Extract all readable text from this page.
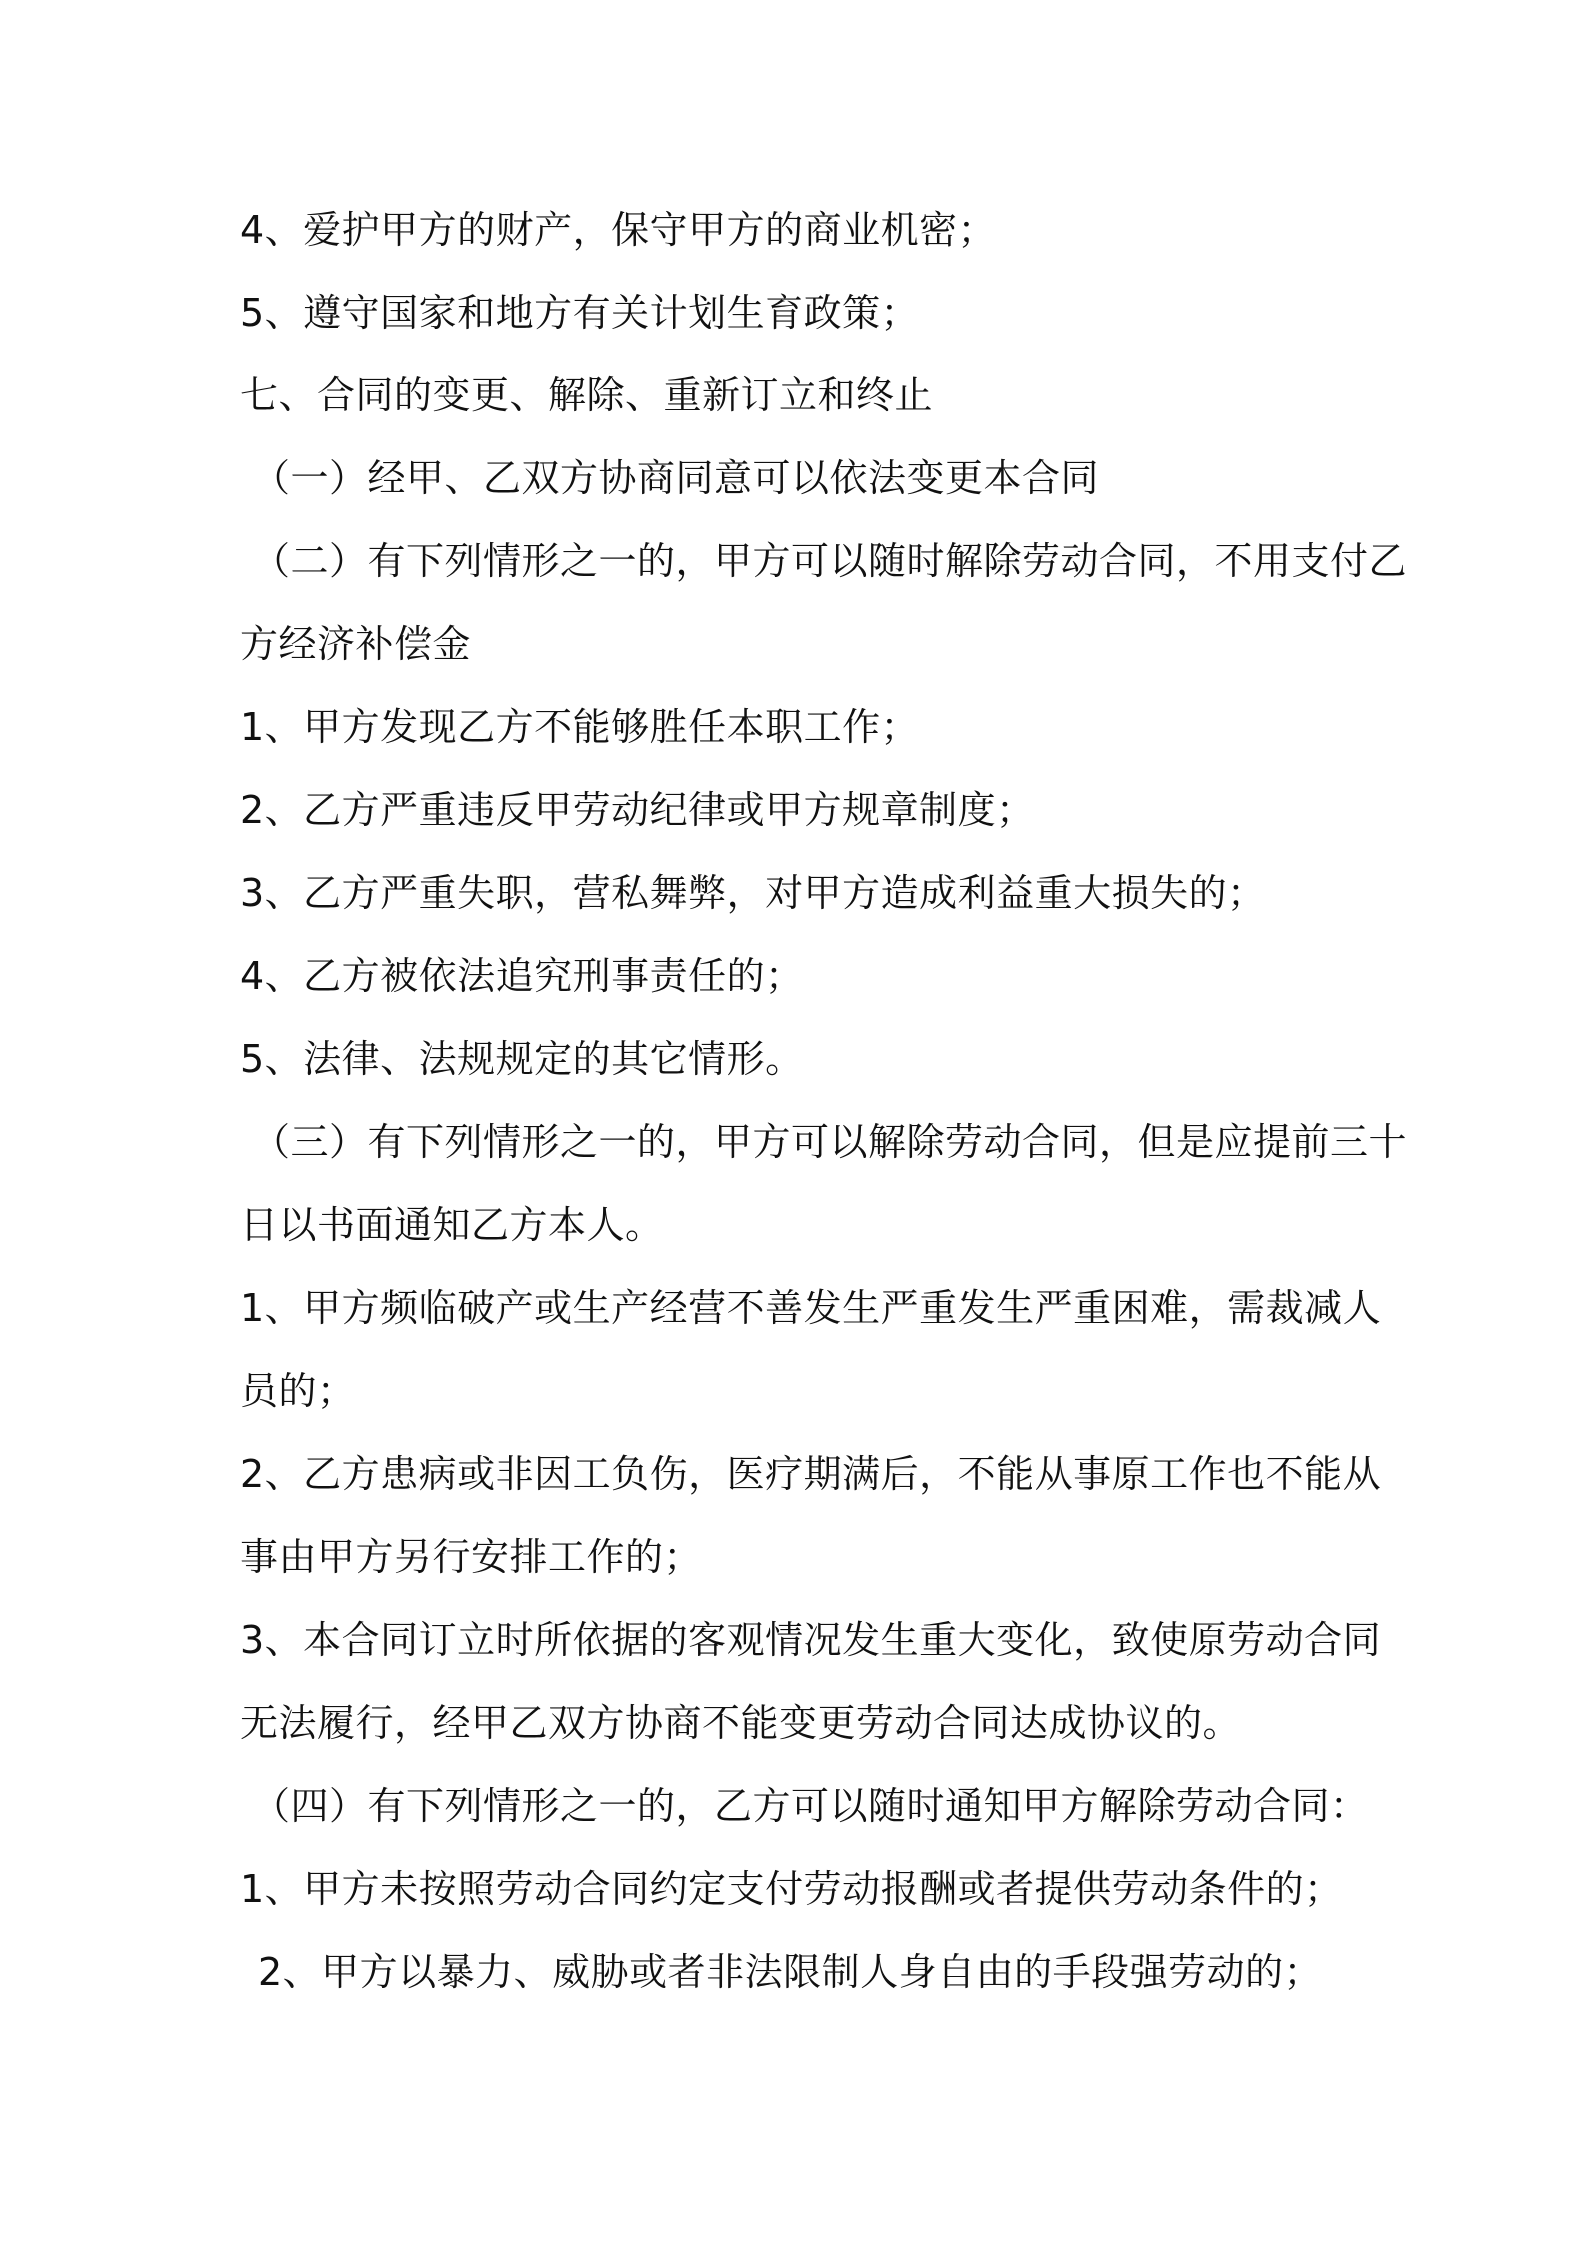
4、爱护甲方的财产，保守甲方的商业机密；
5、遵守国家和地方有关计划生育政策；
七、合同的变更、解除、重新订立和终止
（一）经甲、乙双方协商同意可以依法变更本合同
（二）有下列情形之一的，甲方可以随时解除劳动合同，不用支付乙
方经济补偿金
1、甲方发现乙方不能够胜任本职工作；
2、乙方严重违反甲劳动纪律或甲方规章制度；
3、乙方严重失职，营私舞弊，对甲方造成利益重大损失的；
4、乙方被依法追究刑事责任的；
5、法律、法规规定的其它情形。
（三）有下列情形之一的，甲方可以解除劳动合同，但是应提前三十
日以书面通知乙方本人。
1、甲方频临破产或生产经营不善发生严重发生严重困难，需裁减人
员的；
2、乙方患病或非因工负伤，医疗期满后，不能从事原工作也不能从
事由甲方另行安排工作的；
3、本合同订立时所依据的客观情况发生重大变化，致使原劳动合同
无法履行，经甲乙双方协商不能变更劳动合同达成协议的。
（四）有下列情形之一的，乙方可以随时通知甲方解除劳动合同：
1、甲方未按照劳动合同约定支付劳动报酬或者提供劳动条件的；
2、甲方以暴力、威胁或者非法限制人身自由的手段强劳动的；
